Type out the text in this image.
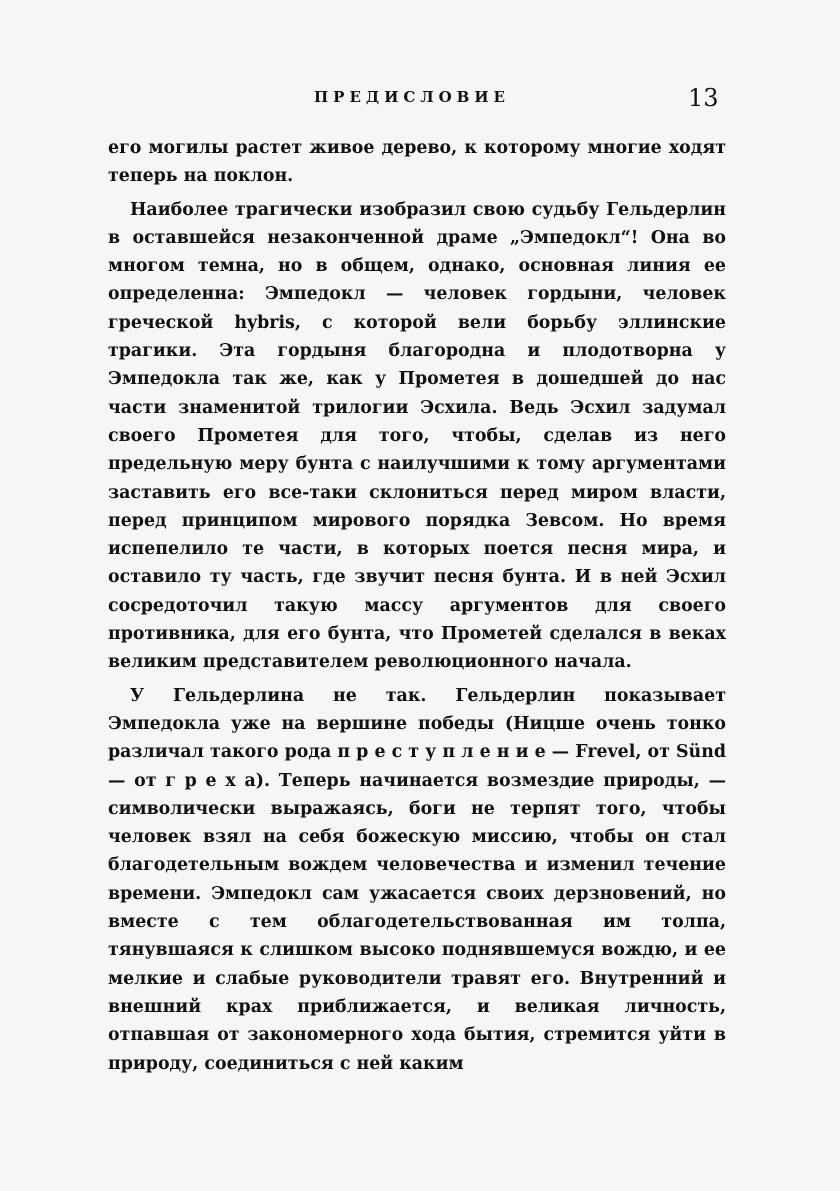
ПРЕДИСЛОВИЕ	13

его могилы растет живое дерево, к которому многие ходят теперь на поклон.

Наиболее трагически изобразил свою судьбу Гельдерлин в оставшейся незаконченной драме „Эмпедокл“! Она во многом темна, но в общем, однако, основная линия ее определенна: Эмпедокл — человек гордыни, человек греческой hybris, с которой вели борьбу эллинские трагики. Эта гордыня благородна и плодотворна у Эмпедокла так же, как у Прометея в дошедшей до нас части знаменитой трилогии Эсхила. Ведь Эсхил задумал своего Прометея для того, чтобы, сделав из него предельную меру бунта с наилучшими к тому аргументами заставить его все-таки склониться перед миром власти, перед принципом мирового порядка Зевсом. Но время испепелило те части, в которых поется песня мира, и оставило ту часть, где звучит песня бунта. И в ней Эсхил сосредоточил такую массу аргументов для своего противника, для его бунта, что Прометей сделался в веках великим представителем революционного начала.

У Гельдерлина не так. Гельдерлин показывает Эмпедокла уже на вершине победы (Ницше очень тонко различал такого рода п р е с т у п л е н и е — Frevel, от Sünd — от г р е х а). Теперь начинается возмездие природы, — символически выражаясь, боги не терпят того, чтобы человек взял на себя божескую миссию, чтобы он стал благодетельным вождем человечества и изменил течение времени. Эмпедокл сам ужасается своих дерзновений, но вместе с тем облагодетельствованная им толпа, тянувшаяся к слишком высоко поднявшемуся вождю, и ее мелкие и слабые руководители травят его. Внутренний и внешний крах приближается, и великая личность, отпавшая от закономерного хода бытия, стремится уйти в природу, соединиться с ней каким
